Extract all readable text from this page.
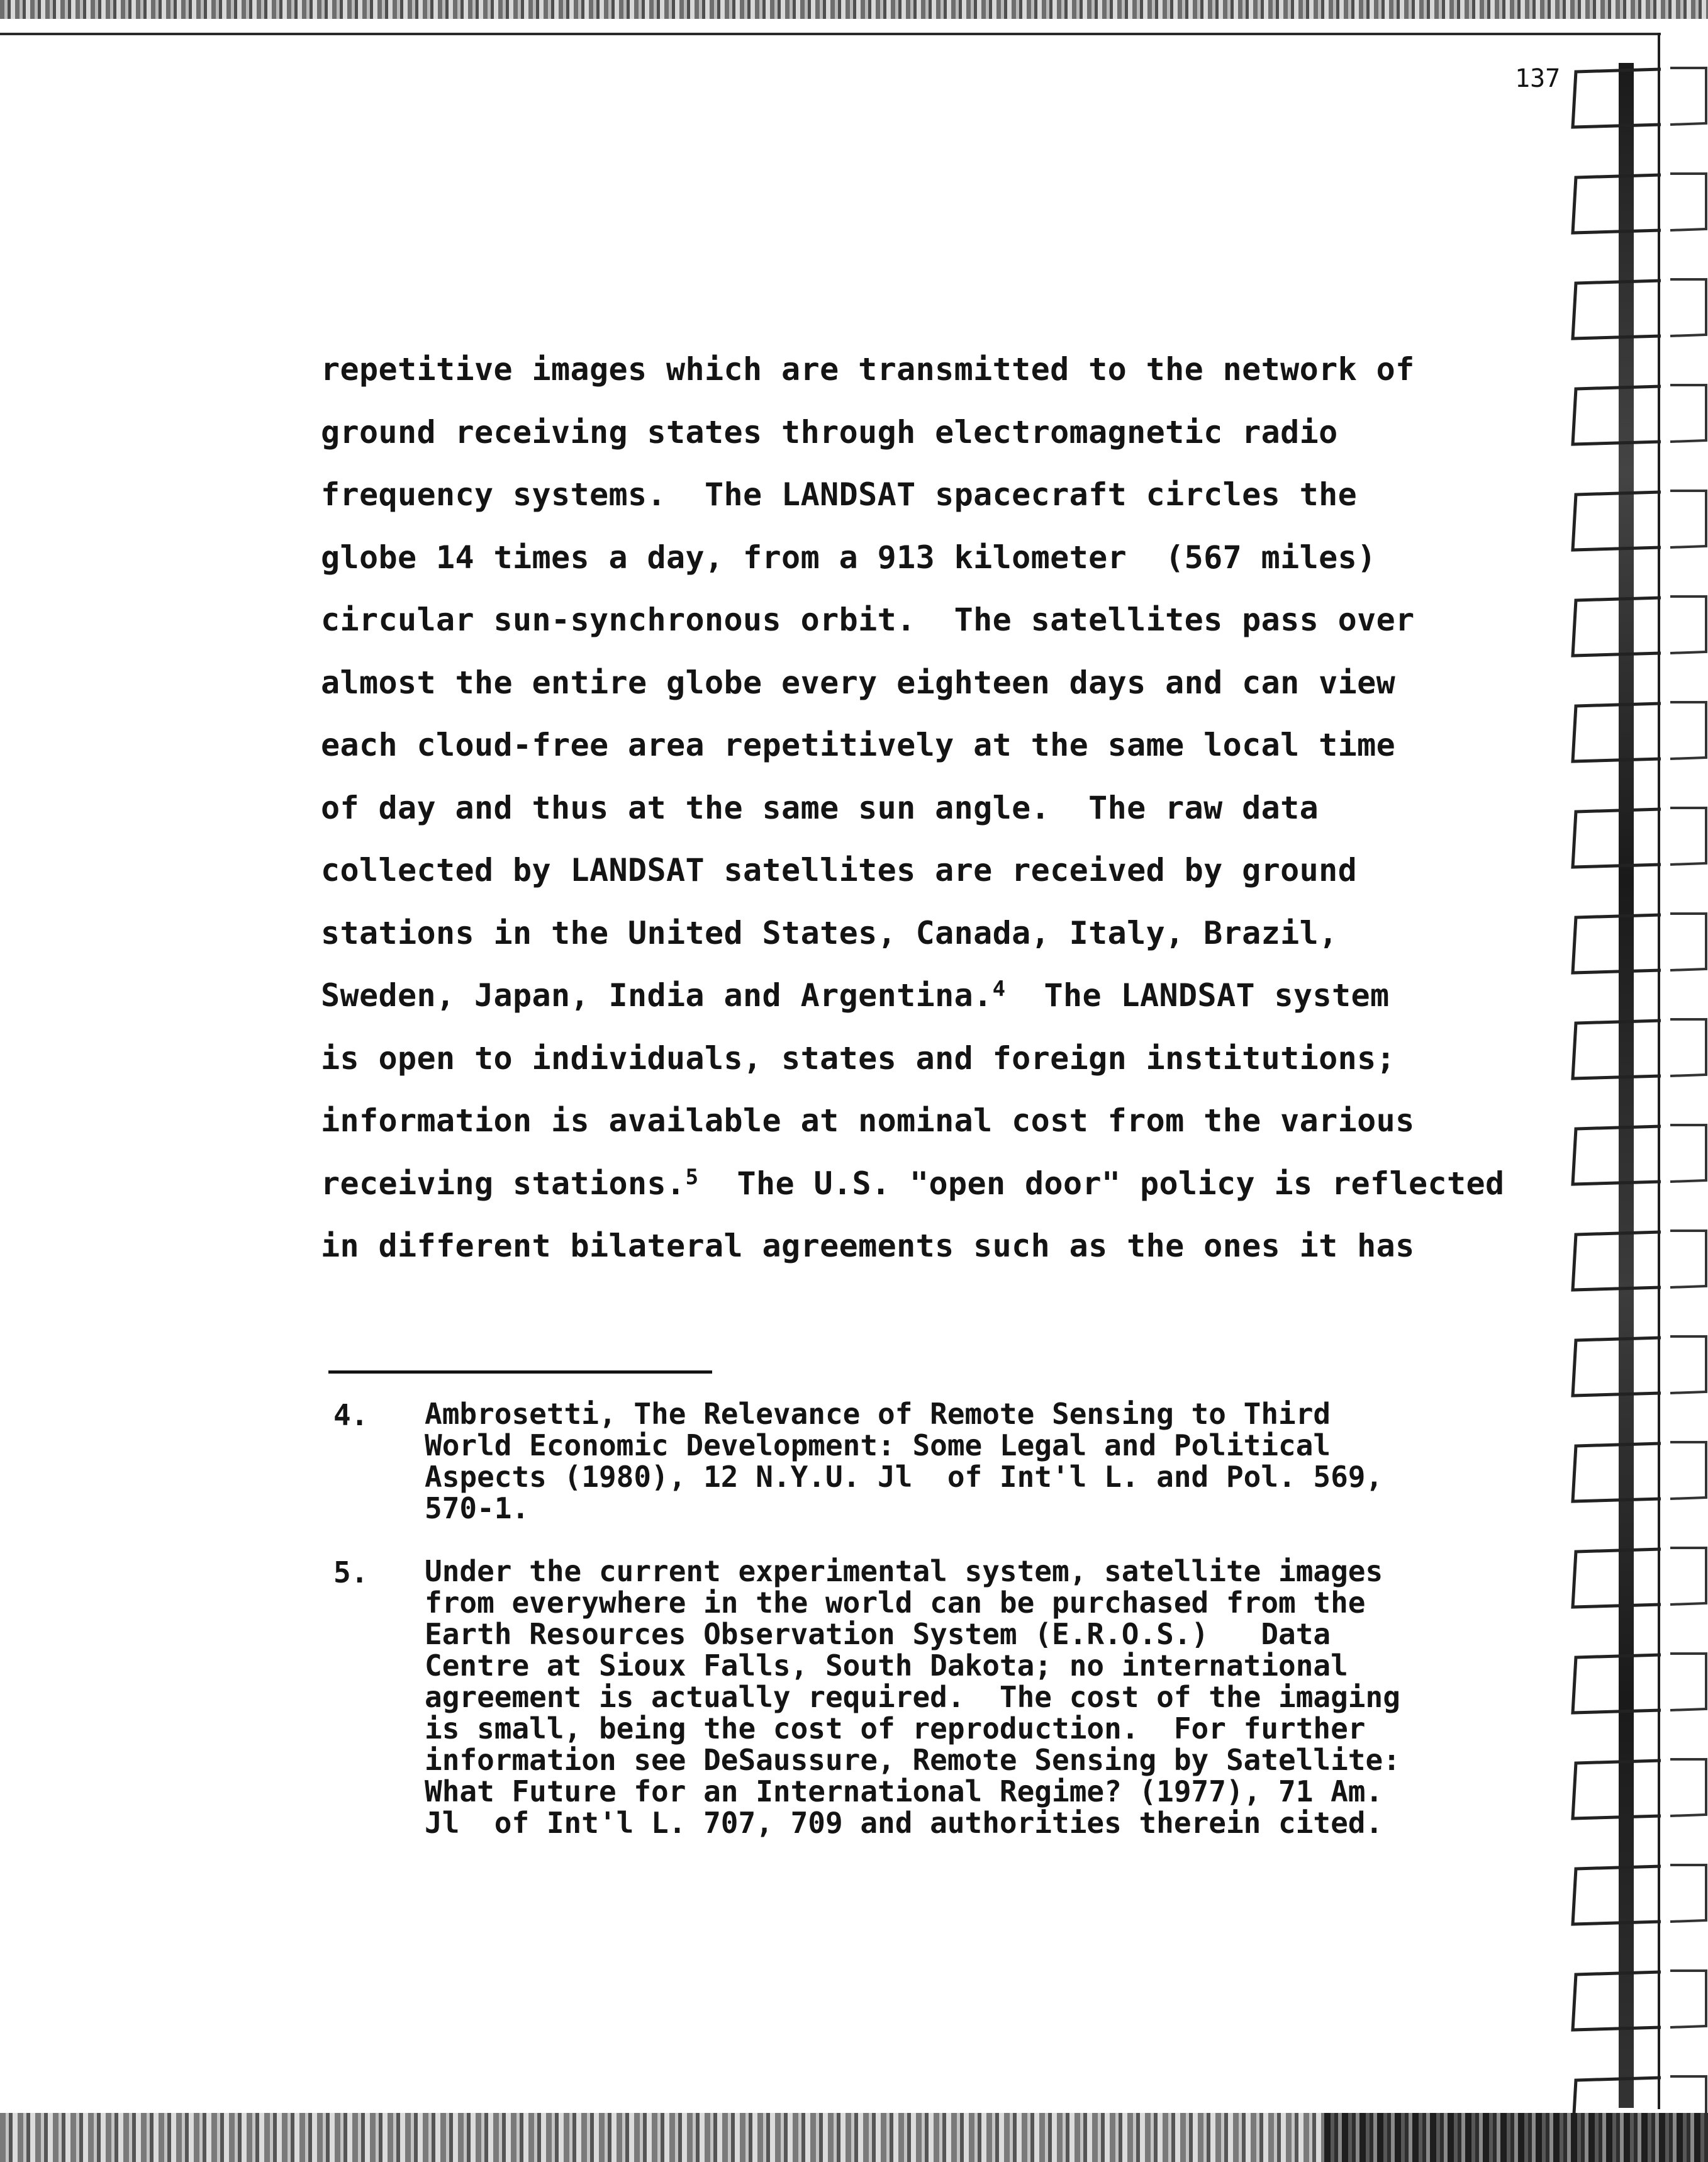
137
repetitive images which are transmitted to the network of
ground receiving states through electromagnetic radio
frequency systems.  The LANDSAT spacecraft circles the
globe 14 times a day, from a 913 kilometer  (567 miles)
circular sun-synchronous orbit.  The satellites pass over
almost the entire globe every eighteen days and can view
each cloud-free area repetitively at the same local time
of day and thus at the same sun angle.  The raw data
collected by LANDSAT satellites are received by ground
stations in the United States, Canada, Italy, Brazil,
Sweden, Japan, India and Argentina.$^4$  The LANDSAT system
is open to individuals, states and foreign institutions;
information is available at nominal cost from the various
receiving stations.$^5$  The U.S. "open door" policy is reflected
in different bilateral agreements such as the ones it has
4. Ambrosetti, The Relevance of Remote Sensing to Third
World Economic Development: Some Legal and Political
Aspects (1980), 12 N.Y.U. Jl  of Int'l L. and Pol. 569,
570-1.
5. Under the current experimental system, satellite images
from everywhere in the world can be purchased from the
Earth Resources Observation System (E.R.O.S.)   Data
Centre at Sioux Falls, South Dakota; no international
agreement is actually required.  The cost of the imaging
is small, being the cost of reproduction.  For further
information see DeSaussure, Remote Sensing by Satellite:
What Future for an International Regime? (1977), 71 Am.
Jl  of Int'l L. 707, 709 and authorities therein cited.
